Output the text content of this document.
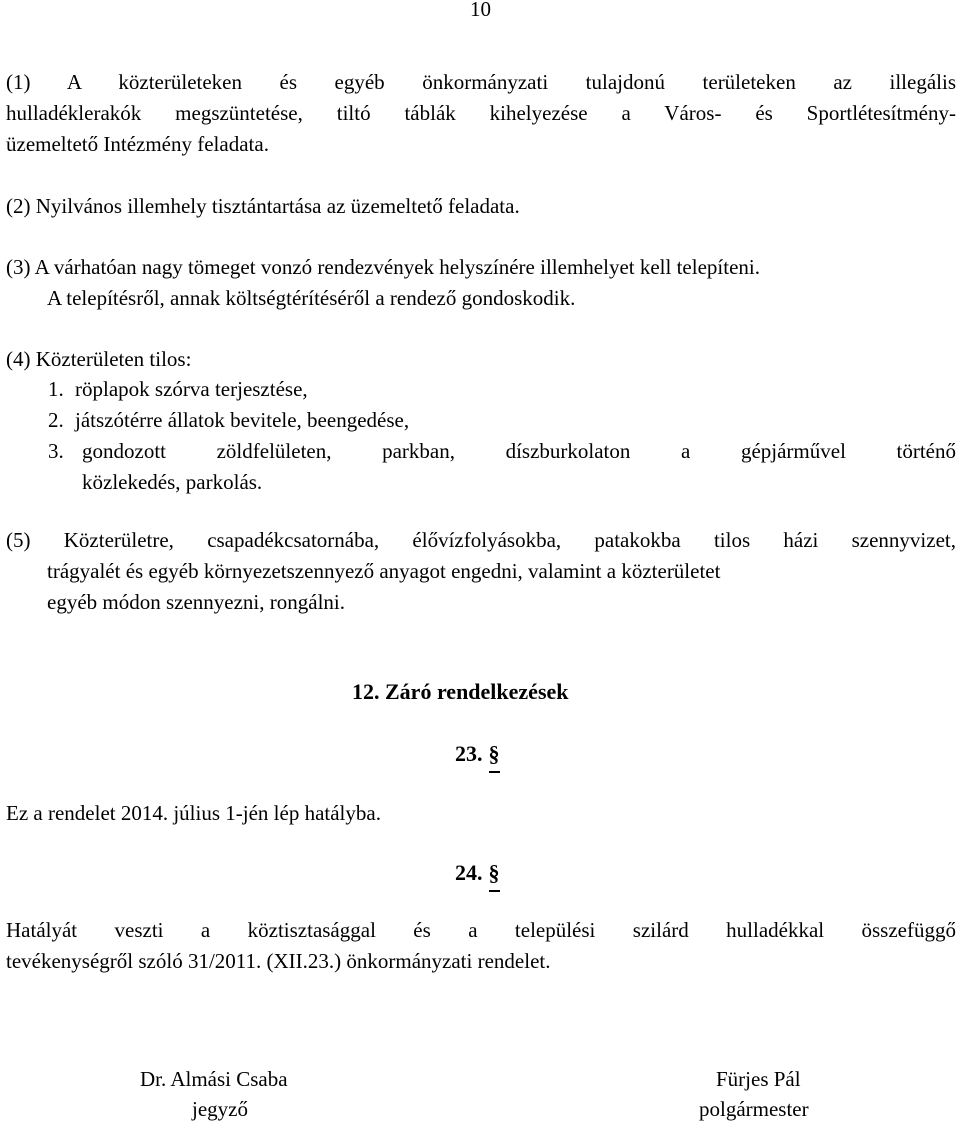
10
(1) A közterületeken és egyéb önkormányzati tulajdonú területeken az illegális
hulladéklerakók megszüntetése, tiltó táblák kihelyezése a Város- és Sportlétesítmény-
üzemeltető Intézmény feladata.
(2) Nyilvános illemhely tisztántartása az üzemeltető feladata.
(3) A várhatóan nagy tömeget vonzó rendezvények helyszínére illemhelyet kell telepíteni.
A telepítésről, annak költségtérítéséről a rendező gondoskodik.
(4) Közterületen tilos:
1. röplapok szórva terjesztése,
2. játszótérre állatok bevitele, beengedése,
3. gondozott zöldfelületen, parkban, díszburkolaton a gépjárművel történő
közlekedés, parkolás.
(5) Közterületre, csapadékcsatornába, élővízfolyásokba, patakokba tilos házi szennyvizet,
trágyalét és egyéb környezetszennyező anyagot engedni, valamint a közterületet
egyéb módon szennyezni, rongálni.
12. Záró rendelkezések
23. §
Ez a rendelet 2014. július 1-jén lép hatályba.
24. §
Hatályát veszti a köztisztasággal és a települési szilárd hulladékkal összefüggő
tevékenységről szóló 31/2011. (XII.23.) önkormányzati rendelet.
Dr. Almási Csaba
jegyző
Fürjes Pál
polgármester
